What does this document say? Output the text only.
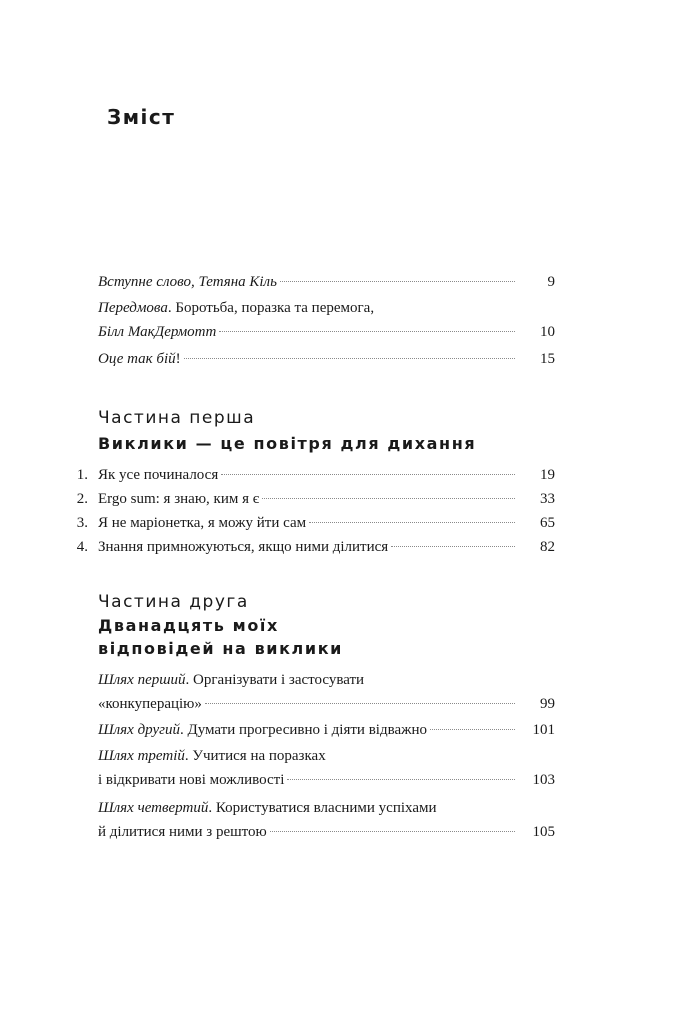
Зміст
Вступне слово, Тетяна Кіль	9
Передмова. Боротьба, поразка та перемога,
Білл МакДермотт	10
Оце так бій!	15
Частина перша
Виклики — це повітря для дихання
1. Як усе починалося	19
2. Ergo sum: я знаю, ким я є	33
3. Я не маріонетка, я можу йти сам	65
4. Знання примножуються, якщо ними ділитися	82
Частина друга
Дванадцять моїх
відповідей на виклики
Шлях перший. Організувати і застосувати
«конкуперацію»	99
Шлях другий. Думати прогресивно і діяти відважно	101
Шлях третій. Учитися на поразках
і відкривати нові можливості	103
Шлях четвертий. Користуватися власними успіхами
й ділитися ними з рештою	105
